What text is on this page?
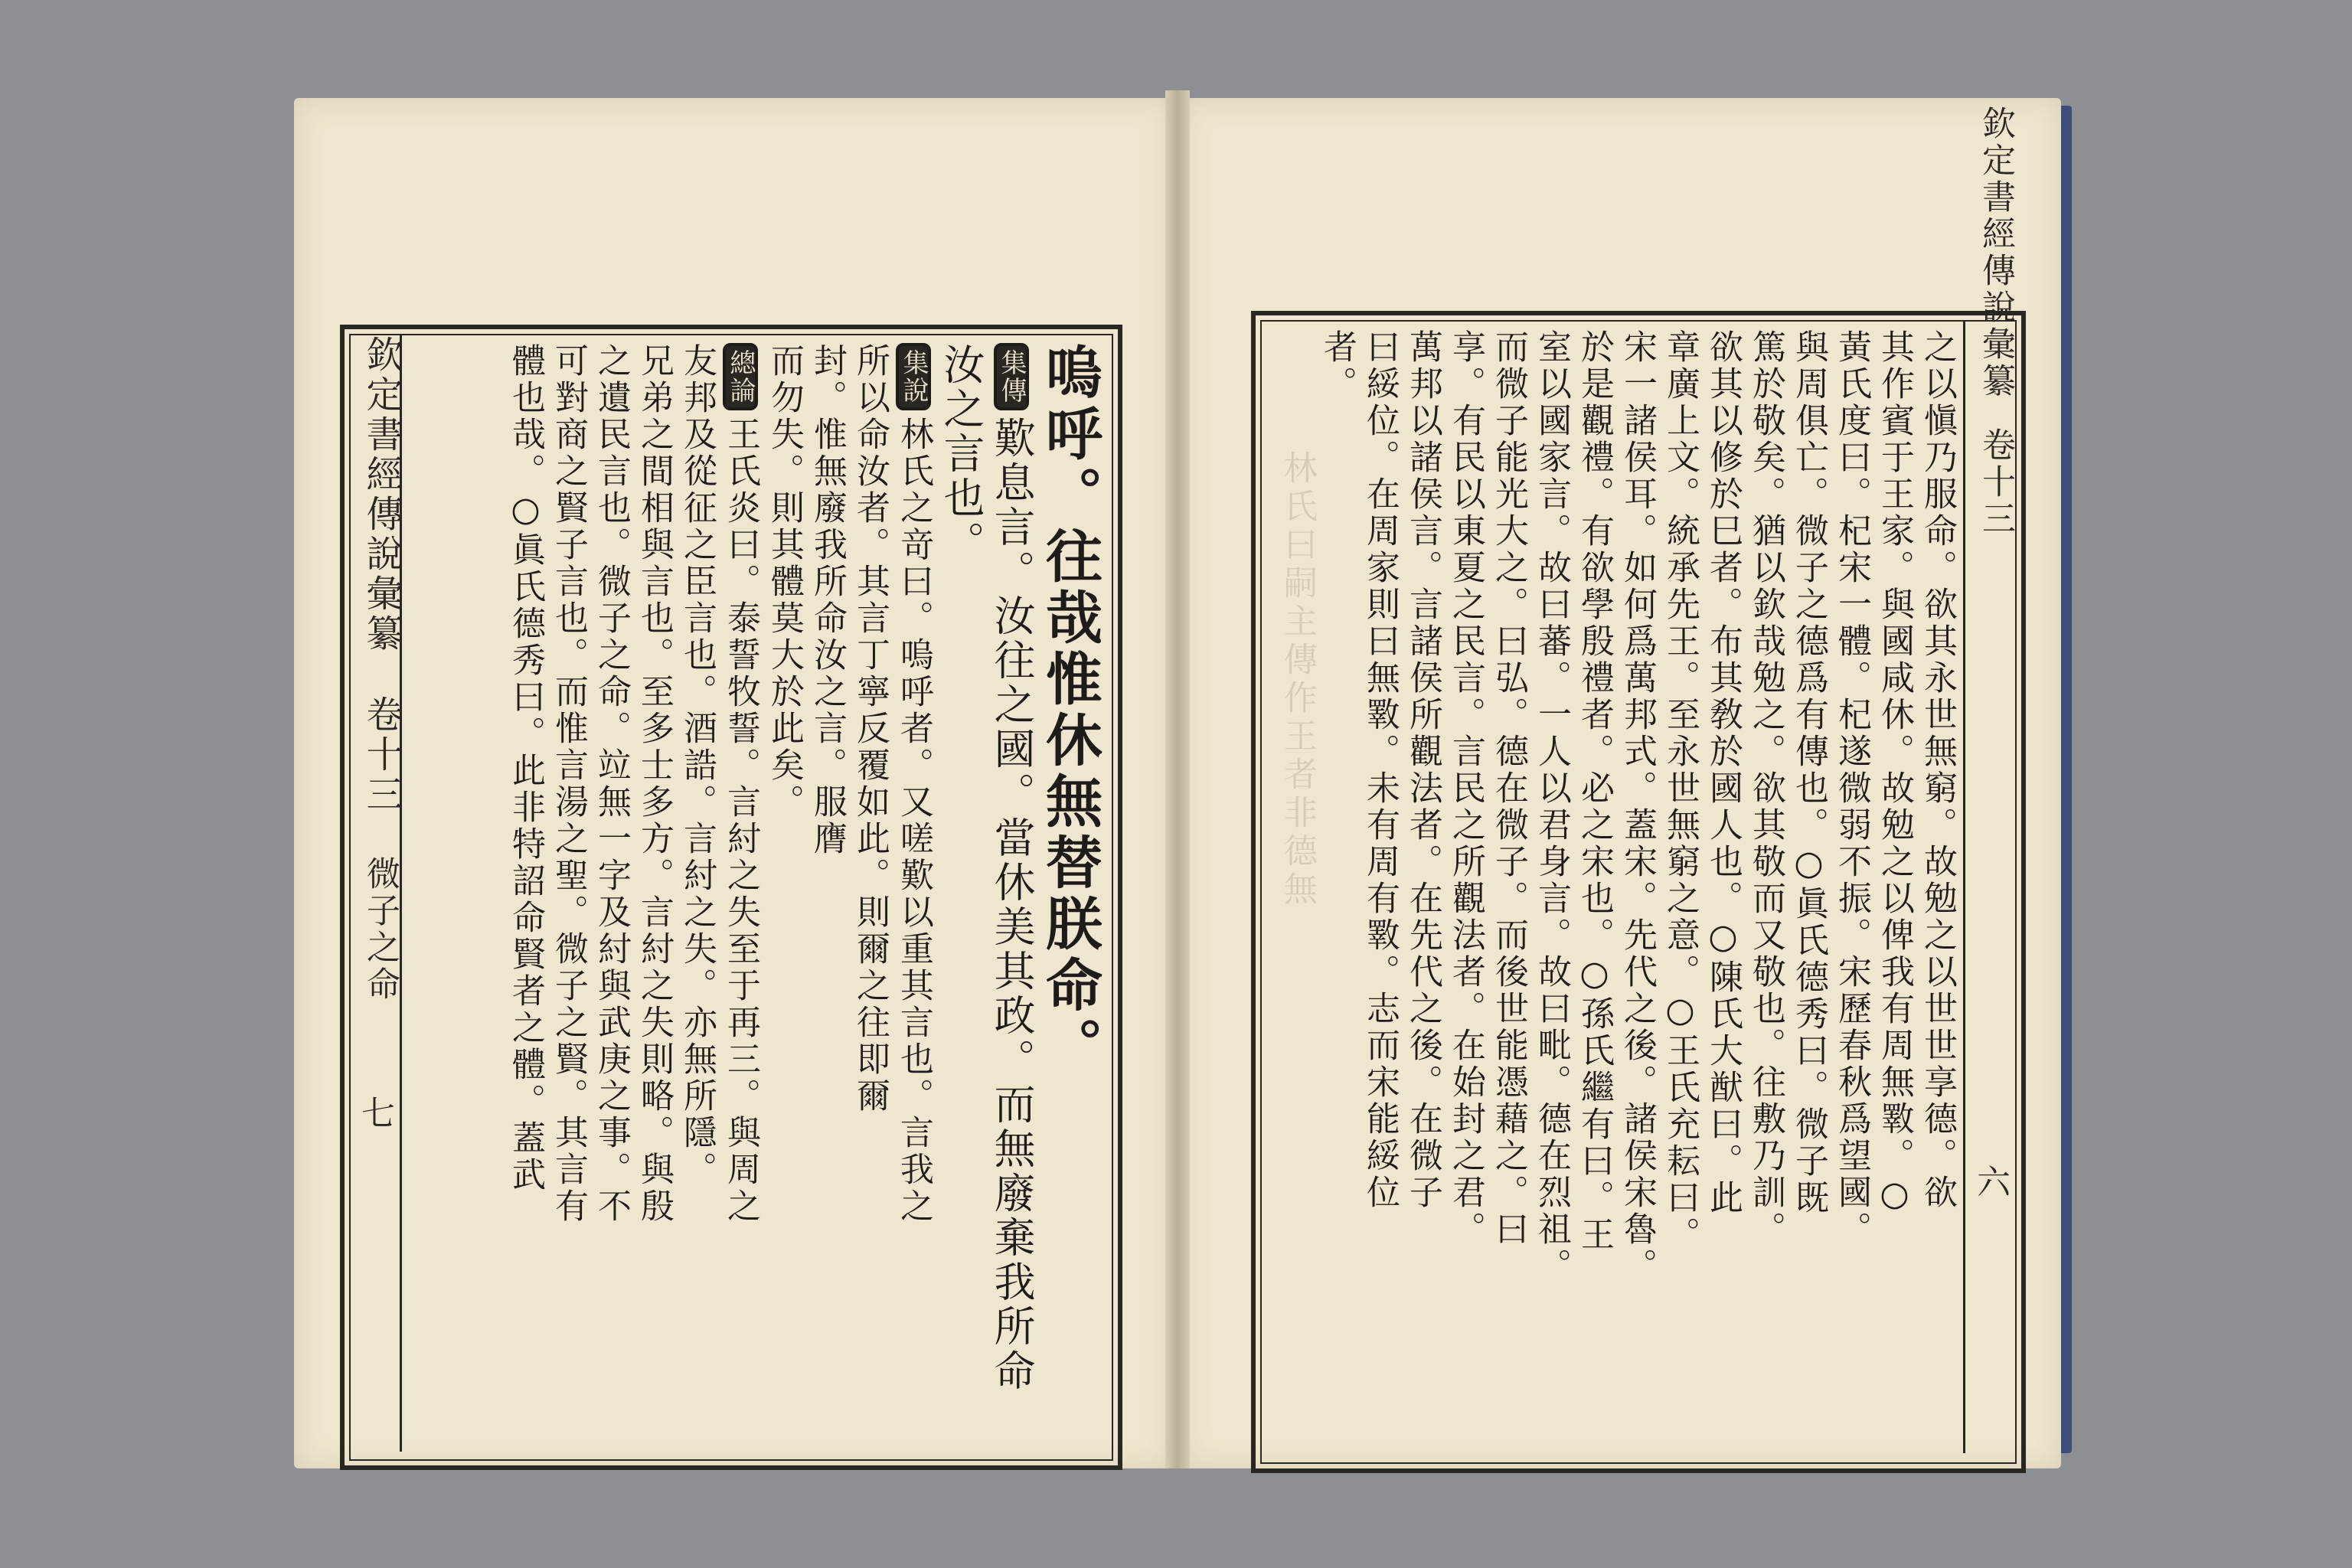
欽定書經傳說彙纂
卷十三
微子之命
七
嗚呼。往哉惟休無替朕命。
集傳歎息言。汝往之國。當休美其政。而無廢棄我所命
汝之言也。
集說林氏之竒曰。嗚呼者。又嗟歎以重其言也。言我之
所以命汝者。其言丁寧反覆如此。則爾之往即爾
封。惟無廢我所命汝之言。服膺
而勿失。則其體莫大於此矣。
總論王氏炎曰。泰誓牧誓。言紂之失至于再三。與周之
友邦及從征之臣言也。酒誥。言紂之失。亦無所隱。
兄弟之間相與言也。至多士多方。言紂之失則略。與殷
之遺民言也。微子之命。竝無一字及紂與武庚之事。不
可對商之賢子言也。而惟言湯之聖。微子之賢。其言有
體也哉。○眞氏德秀曰。此非特詔命賢者之體。蓋武
欽定書經傳說彙纂
卷十三
六
林氏曰嗣主傳作王者非德無	之以愼乃服命。欲其永世無窮。故勉之以世世享德。欲
其作賓于王家。與國咸休。故勉之以俾我有周無斁。○
黃氏度曰。杞宋一體。杞遂微弱不振。宋歷春秋爲望國。
與周俱亡。微子之德爲有傳也。○眞氏德秀曰。微子既
篤於敬矣。猶以欽哉勉之。欲其敬而又敬也。往敷乃訓。
欲其以修於巳者。布其敎於國人也。○陳氏大猷曰。此
章廣上文。統承先王。至永世無窮之意。○王氏充耘曰。
宋一諸侯耳。如何爲萬邦式。蓋宋。先代之後。諸侯宋魯。
於是觀禮。有欲學殷禮者。必之宋也。○孫氏繼有曰。王
室以國家言。故曰蕃。一人以君身言。故曰毗。德在烈祖。
而微子能光大之。曰弘。德在微子。而後世能憑藉之。曰
享。有民以東夏之民言。言民之所觀法者。在始封之君。
萬邦以諸侯言。言諸侯所觀法者。在先代之後。在微子
曰綏位。在周家則曰無斁。未有周有斁。志而宋能綏位
者。
